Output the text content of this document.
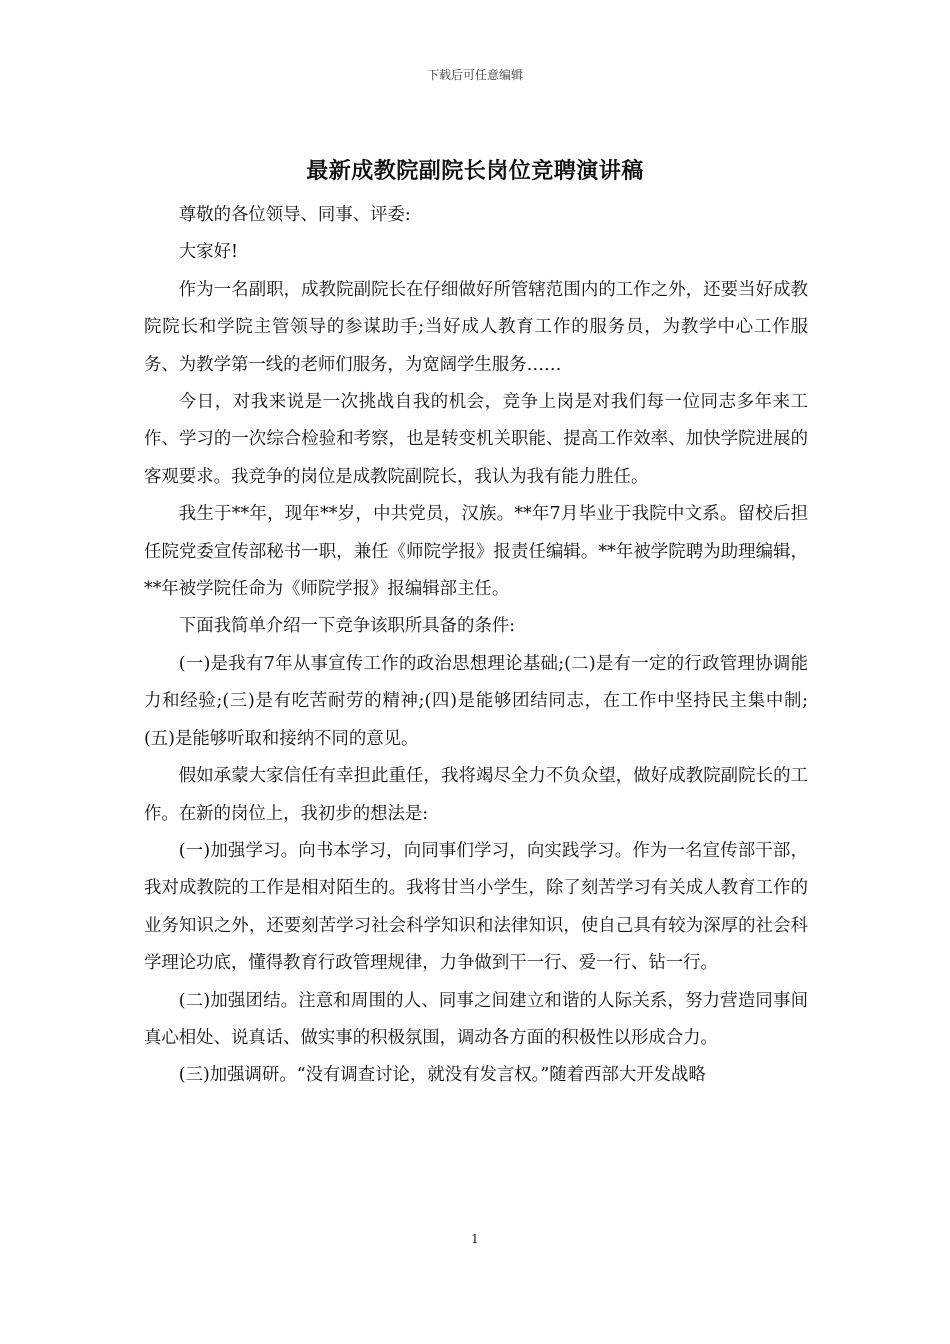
下载后可任意编辑
最新成教院副院长岗位竞聘演讲稿

尊敬的各位领导、同事、评委:

大家好!

作为一名副职，成教院副院长在仔细做好所管辖范围内的工作之外，还要当好成教院院长和学院主管领导的参谋助手;当好成人教育工作的服务员，为教学中心工作服务、为教学第一线的老师们服务，为宽阔学生服务……

今日，对我来说是一次挑战自我的机会，竞争上岗是对我们每一位同志多年来工作、学习的一次综合检验和考察，也是转变机关职能、提高工作效率、加快学院进展的客观要求。我竞争的岗位是成教院副院长，我认为我有能力胜任。

我生于**年，现年**岁，中共党员，汉族。**年7月毕业于我院中文系。留校后担任院党委宣传部秘书一职，兼任《师院学报》报责任编辑。**年被学院聘为助理编辑，**年被学院任命为《师院学报》报编辑部主任。

下面我简单介绍一下竞争该职所具备的条件:

(一)是我有7年从事宣传工作的政治思想理论基础;(二)是有一定的行政管理协调能力和经验;(三)是有吃苦耐劳的精神;(四)是能够团结同志，在工作中坚持民主集中制;(五)是能够听取和接纳不同的意见。

假如承蒙大家信任有幸担此重任，我将竭尽全力不负众望，做好成教院副院长的工作。在新的岗位上，我初步的想法是:

(一)加强学习。向书本学习，向同事们学习，向实践学习。作为一名宣传部干部，我对成教院的工作是相对陌生的。我将甘当小学生，除了刻苦学习有关成人教育工作的业务知识之外，还要刻苦学习社会科学知识和法律知识，使自己具有较为深厚的社会科学理论功底，懂得教育行政管理规律，力争做到干一行、爱一行、钻一行。

(二)加强团结。注意和周围的人、同事之间建立和谐的人际关系，努力营造同事间真心相处、说真话、做实事的积极氛围，调动各方面的积极性以形成合力。

(三)加强调研。“没有调查讨论，就没有发言权。”随着西部大开发战略

1
